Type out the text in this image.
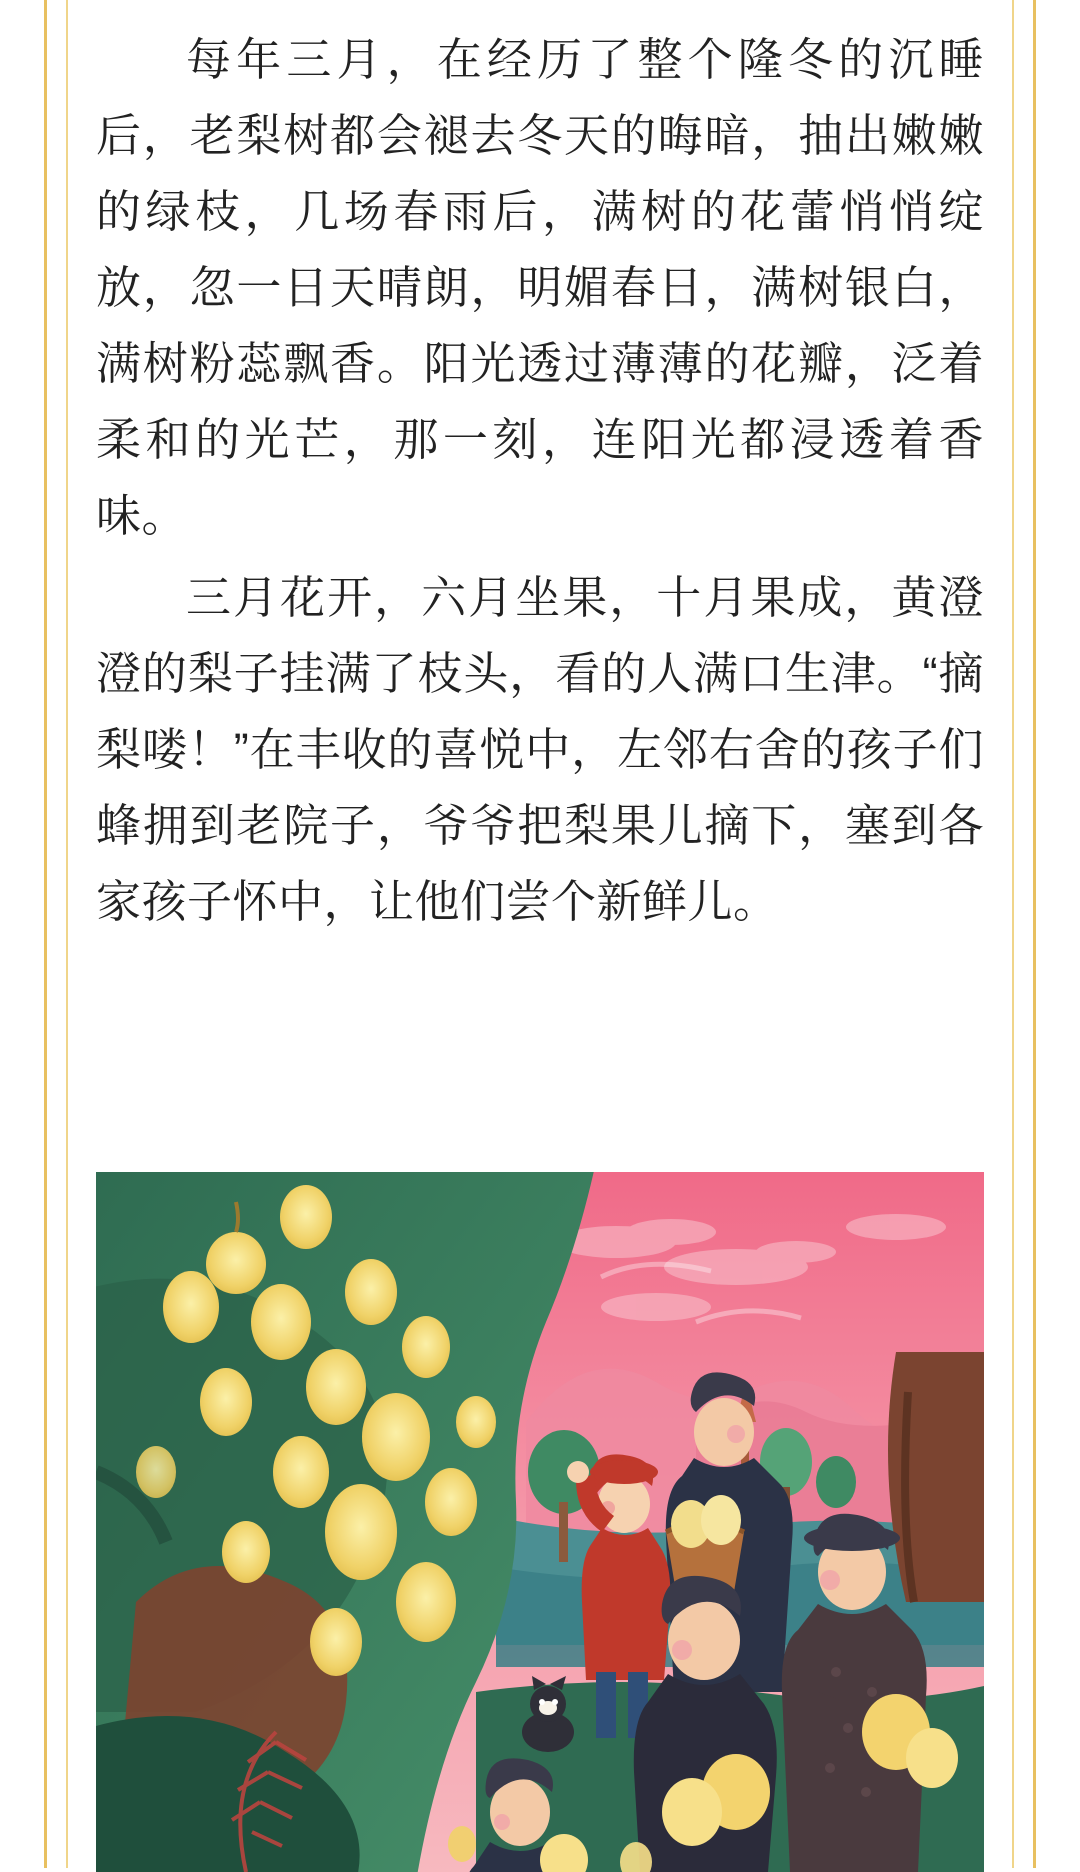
每年三月，在经历了整个隆冬的沉睡后，老梨树都会褪去冬天的晦暗，抽出嫩嫩的绿枝，几场春雨后，满树的花蕾悄悄绽放，忽一日天晴朗，明媚春日，满树银白，满树粉蕊飘香。阳光透过薄薄的花瓣，泛着柔和的光芒，那一刻，连阳光都浸透着香味。

三月花开，六月坐果，十月果成，黄澄澄的梨子挂满了枝头，看的人满口生津。“摘梨喽！”在丰收的喜悦中，左邻右舍的孩子们蜂拥到老院子，爷爷把梨果儿摘下，塞到各家孩子怀中，让他们尝个新鲜儿。
